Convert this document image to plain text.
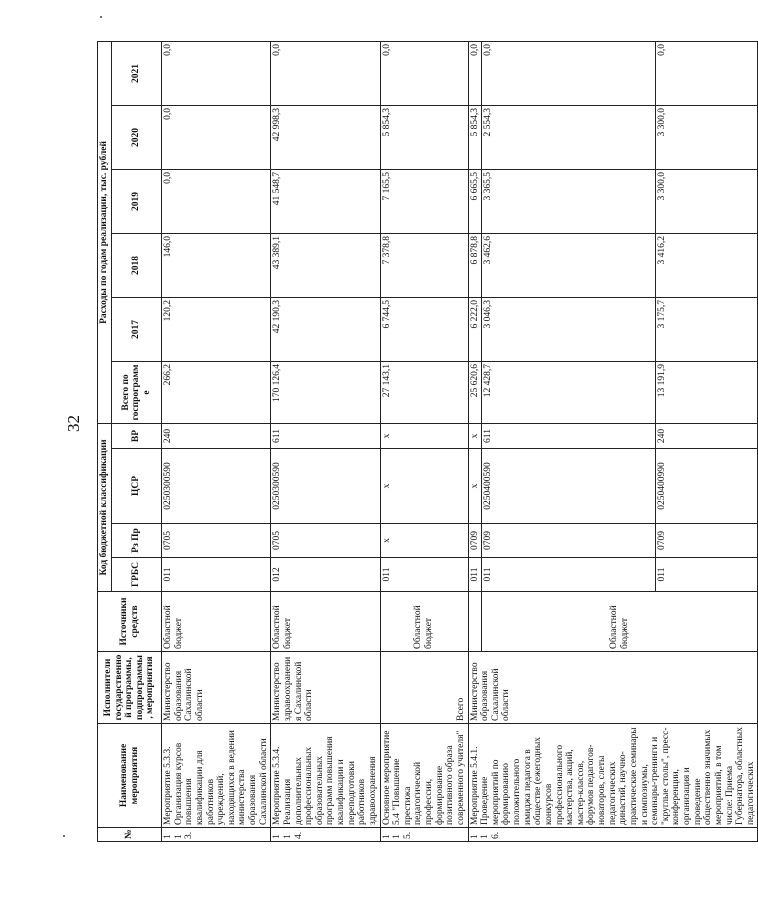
32
№	Наименование мероприятия	Исполнители государственной программы, подпрограммы, мероприятия	Источники средств	Код бюджетной классификации				Расходы по годам реализации, тыс. рублей					
				ГРБС	Рз Пр	ЦСР	ВР	Всего по госпрограмме	2017	2018	2019	2020	2021
113.	Мероприятие 5.3.3. Организация курсов повышения квалификации для работников учреждений, находящихся в ведении министерства образования Сахалинской области	Министерство образования Сахалинской области	Областной бюджет	011	0705	0250300590	240	266,2	120,2	146,0	0,0	0,0	0,0
114.	Мероприятие 5.3.4. Реализация дополнительных профессиональных образовательных программ повышения квалификации и переподготовки работников здравоохранения	Министерство здравоохранения Сахалинской области	Областной бюджет	012	0705	0250300590	611	170 126,4	42 190,3	43 389,1	41 548,7	42 998,3	0,0
115.	Основное мероприятие 5.4 "Повышение престижа педагогической профессии, формирование позитивного образа современного учителя"	Всего	Областной бюджет	011	x	x	x	27 143,1	6 744,5	7 378,8	7 165,5	5 854,3	0,0
116.	Мероприятие 5.4.1. Проведение мероприятий по формированию положительного имиджа педагога в обществе (ежегодных конкурсов профессионального мастерства, акций, мастер-классов, форумов педагогов-новаторов, слеты педагогических династий, научно-практические семинары и симпозиумы, семинары-тренинги и "круглые столы", пресс-конференции, организация и проведение общественно значимых мероприятий, в том числе: Приема Губернатора, областных педагогических	Министерство образования Сахалинской области		011	0709	x	x	25 620,6	6 222,0	6 878,8	6 665,5	5 854,3	0,0
			Областной бюджет	011	0709	0250400590	611	12 428,7	3 046,3	3 462,6	3 365,5	2 554,3	0,0
				011	0709	0250400990	240	13 191,9	3 175,7	3 416,2	3 300,0	3 300,0	0,0
